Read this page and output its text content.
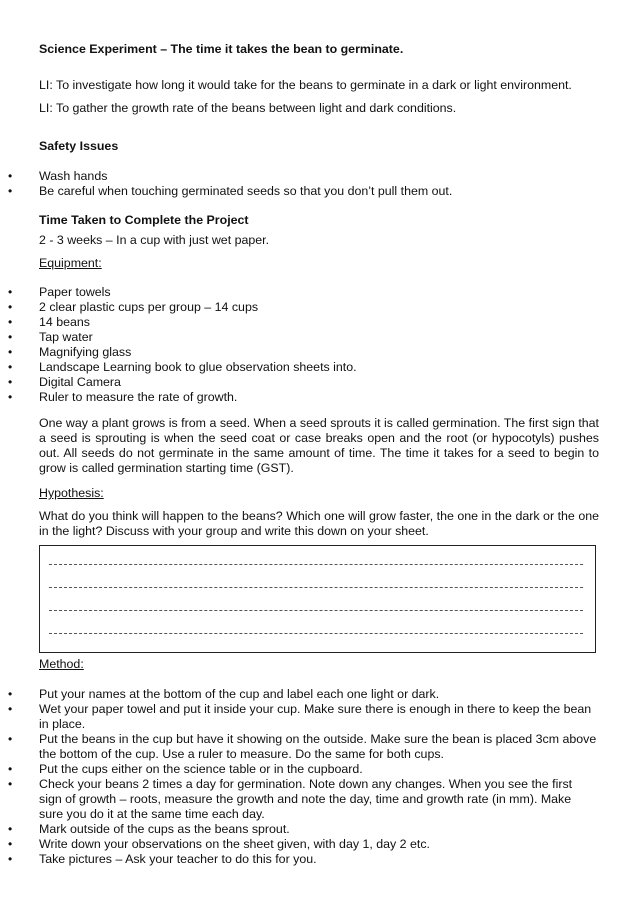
Science Experiment – The time it takes the bean to germinate.
LI: To investigate how long it would take for the beans to germinate in a dark or light environment.
LI: To gather the growth rate of the beans between light and dark conditions.
Safety Issues
• Wash hands
• Be careful when touching germinated seeds so that you don’t pull them out.
Time Taken to Complete the Project
2 - 3 weeks – In a cup with just wet paper.
Equipment:
• Paper towels
• 2 clear plastic cups per group – 14 cups
• 14 beans
• Tap water
• Magnifying glass
• Landscape Learning book to glue observation sheets into.
• Digital Camera
• Ruler to measure the rate of growth.
One way a plant grows is from a seed. When a seed sprouts it is called germination. The first sign that a seed is sprouting is when the seed coat or case breaks open and the root (or hypocotyls) pushes out. All seeds do not germinate in the same amount of time. The time it takes for a seed to begin to grow is called germination starting time (GST).
Hypothesis:
What do you think will happen to the beans? Which one will grow faster, the one in the dark or the one in the light? Discuss with your group and write this down on your sheet.
Method:
• Put your names at the bottom of the cup and label each one light or dark.
• Wet your paper towel and put it inside your cup. Make sure there is enough in there to keep the bean in place.
• Put the beans in the cup but have it showing on the outside. Make sure the bean is placed 3cm above the bottom of the cup. Use a ruler to measure. Do the same for both cups.
• Put the cups either on the science table or in the cupboard.
• Check your beans 2 times a day for germination. Note down any changes. When you see the first sign of growth – roots, measure the growth and note the day, time and growth rate (in mm). Make sure you do it at the same time each day.
• Mark outside of the cups as the beans sprout.
• Write down your observations on the sheet given, with day 1, day 2 etc.
• Take pictures – Ask your teacher to do this for you.
